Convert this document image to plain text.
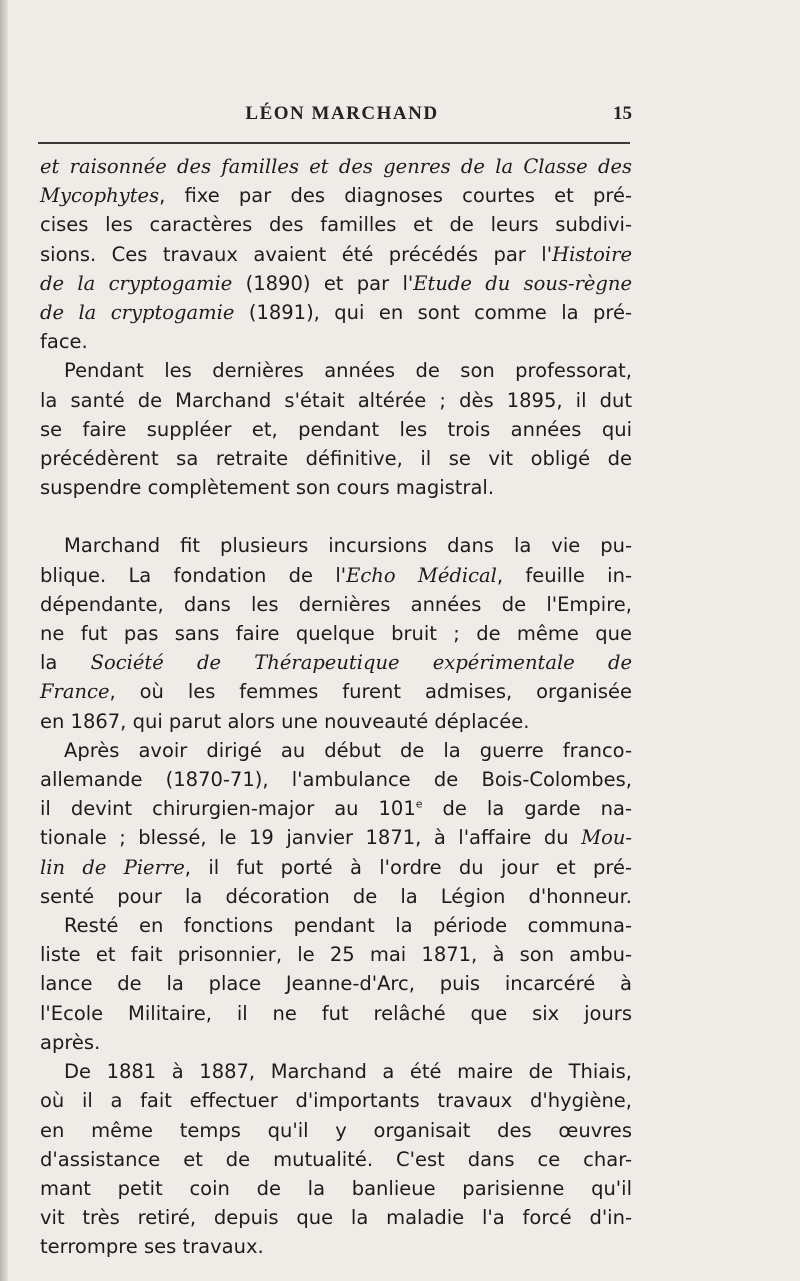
LÉON MARCHAND	15
et raisonnée des familles et des genres de la Classe des
Mycophytes, fixe par des diagnoses courtes et pré-
cises les caractères des familles et de leurs subdivi-
sions. Ces travaux avaient été précédés par l'Histoire
de la cryptogamie (1890) et par l'Etude du sous-règne
de la cryptogamie (1891), qui en sont comme la pré-
face.
Pendant les dernières années de son professorat,
la santé de Marchand s'était altérée ; dès 1895, il dut
se faire suppléer et, pendant les trois années qui
précédèrent sa retraite définitive, il se vit obligé de
suspendre complètement son cours magistral.
Marchand fit plusieurs incursions dans la vie pu-
blique. La fondation de l'Echo Médical, feuille in-
dépendante, dans les dernières années de l'Empire,
ne fut pas sans faire quelque bruit ; de même que
la Société de Thérapeutique expérimentale de
France, où les femmes furent admises, organisée
en 1867, qui parut alors une nouveauté déplacée.
Après avoir dirigé au début de la guerre franco-
allemande (1870-71), l'ambulance de Bois-Colombes,
il devint chirurgien-major au 101e de la garde na-
tionale ; blessé, le 19 janvier 1871, à l'affaire du Mou-
lin de Pierre, il fut porté à l'ordre du jour et pré-
senté pour la décoration de la Légion d'honneur.
Resté en fonctions pendant la période communa-
liste et fait prisonnier, le 25 mai 1871, à son ambu-
lance de la place Jeanne-d'Arc, puis incarcéré à
l'Ecole Militaire, il ne fut relâché que six jours
après.
De 1881 à 1887, Marchand a été maire de Thiais,
où il a fait effectuer d'importants travaux d'hygiène,
en même temps qu'il y organisait des œuvres
d'assistance et de mutualité. C'est dans ce char-
mant petit coin de la banlieue parisienne qu'il
vit très retiré, depuis que la maladie l'a forcé d'in-
terrompre ses travaux.
